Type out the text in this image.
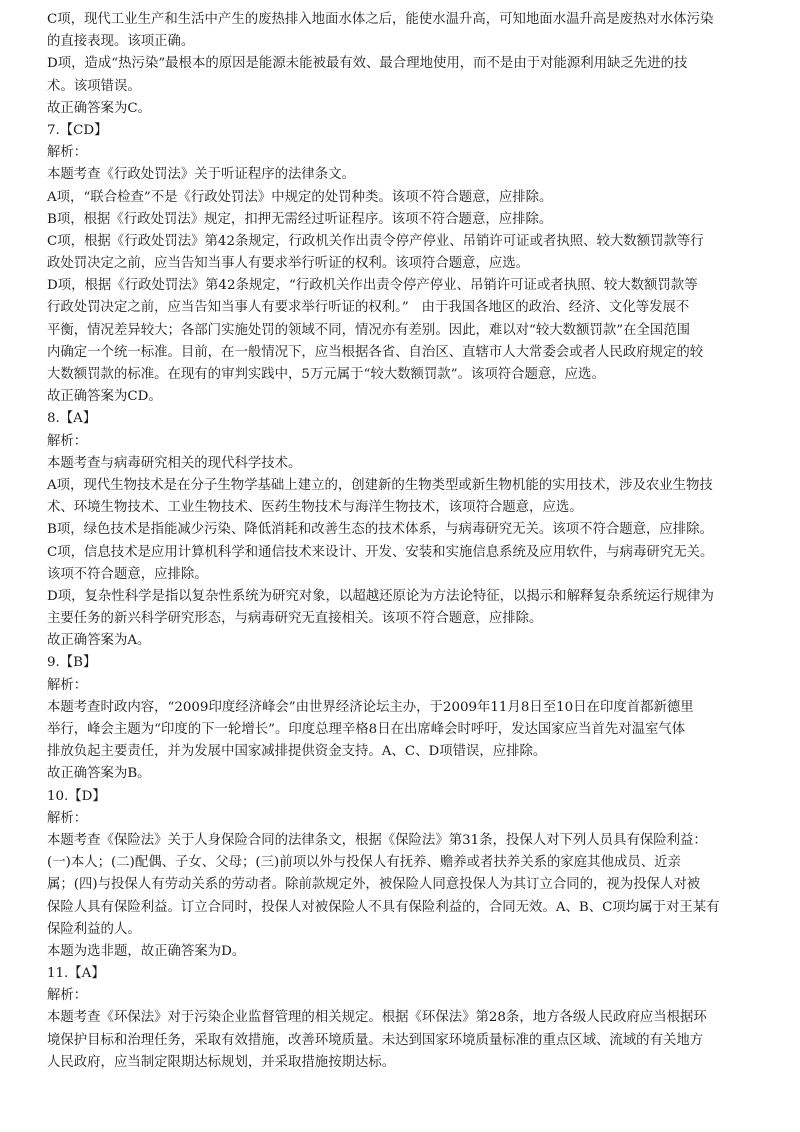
C项，现代工业生产和生活中产生的废热排入地面水体之后，能使水温升高，可知地面水温升高是废热对水体污染
的直接表现。该项正确。
D项，造成“热污染”最根本的原因是能源未能被最有效、最合理地使用，而不是由于对能源利用缺乏先进的技
术。该项错误。
故正确答案为C。
7.【CD】
解析：
本题考查《行政处罚法》关于听证程序的法律条文。
A项，“联合检查”不是《行政处罚法》中规定的处罚种类。该项不符合题意，应排除。
B项，根据《行政处罚法》规定，扣押无需经过听证程序。该项不符合题意，应排除。
C项，根据《行政处罚法》第42条规定，行政机关作出责令停产停业、吊销许可证或者执照、较大数额罚款等行
政处罚决定之前，应当告知当事人有要求举行听证的权利。该项符合题意，应选。
D项，根据《行政处罚法》第42条规定，“行政机关作出责令停产停业、吊销许可证或者执照、较大数额罚款等
行政处罚决定之前，应当告知当事人有要求举行听证的权利。”   由于我国各地区的政治、经济、文化等发展不
平衡，情况差异较大；各部门实施处罚的领域不同，情况亦有差别。因此，难以对“较大数额罚款”在全国范围
内确定一个统一标准。目前，在一般情况下，应当根据各省、自治区、直辖市人大常委会或者人民政府规定的较
大数额罚款的标准。在现有的审判实践中，5万元属于“较大数额罚款”。该项符合题意，应选。
故正确答案为CD。
8.【A】
解析：
本题考查与病毒研究相关的现代科学技术。
A项，现代生物技术是在分子生物学基础上建立的，创建新的生物类型或新生物机能的实用技术，涉及农业生物技
术、环境生物技术、工业生物技术、医药生物技术与海洋生物技术，该项符合题意，应选。
B项，绿色技术是指能减少污染、降低消耗和改善生态的技术体系，与病毒研究无关。该项不符合题意，应排除。
C项，信息技术是应用计算机科学和通信技术来设计、开发、安装和实施信息系统及应用软件，与病毒研究无关。
该项不符合题意，应排除。
D项，复杂性科学是指以复杂性系统为研究对象，以超越还原论为方法论特征，以揭示和解释复杂系统运行规律为
主要任务的新兴科学研究形态，与病毒研究无直接相关。该项不符合题意，应排除。
故正确答案为A。
9.【B】
解析：
本题考查时政内容，“2009印度经济峰会”由世界经济论坛主办，于2009年11月8日至10日在印度首都新德里
举行，峰会主题为“印度的下一轮增长”。印度总理辛格8日在出席峰会时呼吁，发达国家应当首先对温室气体
排放负起主要责任，并为发展中国家减排提供资金支持。A、C、D项错误，应排除。
故正确答案为B。
10.【D】
解析：
本题考查《保险法》关于人身保险合同的法律条文，根据《保险法》第31条，投保人对下列人员具有保险利益：
(一)本人；(二)配偶、子女、父母；(三)前项以外与投保人有抚养、赡养或者扶养关系的家庭其他成员、近亲
属；(四)与投保人有劳动关系的劳动者。除前款规定外，被保险人同意投保人为其订立合同的，视为投保人对被
保险人具有保险利益。订立合同时，投保人对被保险人不具有保险利益的，合同无效。A、B、C项均属于对王某有
保险利益的人。
本题为选非题，故正确答案为D。
11.【A】
解析：
本题考查《环保法》对于污染企业监督管理的相关规定。根据《环保法》第28条，地方各级人民政府应当根据环
境保护目标和治理任务，采取有效措施，改善环境质量。未达到国家环境质量标准的重点区域、流域的有关地方
人民政府，应当制定限期达标规划，并采取措施按期达标。
